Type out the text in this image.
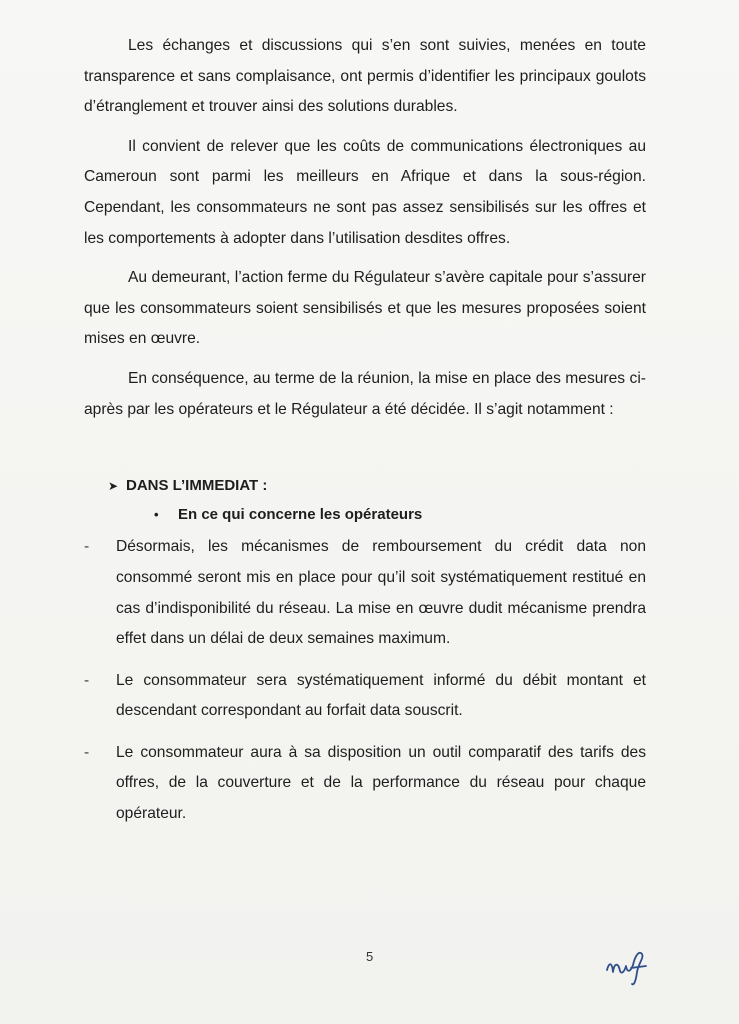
Les échanges et discussions qui s’en sont suivies, menées en toute transparence et sans complaisance, ont permis d’identifier les principaux goulots d’étranglement et trouver ainsi des solutions durables.

Il convient de relever que les coûts de communications électroniques au Cameroun sont parmi les meilleurs en Afrique et dans la sous-région. Cependant, les consommateurs ne sont pas assez sensibilisés sur les offres et les comportements à adopter dans l’utilisation desdites offres.

Au demeurant, l’action ferme du Régulateur s’avère capitale pour s’assurer que les consommateurs soient sensibilisés et que les mesures proposées soient mises en œuvre.

En conséquence, au terme de la réunion, la mise en place des mesures ci-après par les opérateurs et le Régulateur a été décidée. Il s’agit notamment :

➤ DANS L’IMMEDIAT :
•	En ce qui concerne les opérateurs
-	Désormais, les mécanismes de remboursement du crédit data non consommé seront mis en place pour qu’il soit systématiquement restitué en cas d’indisponibilité du réseau. La mise en œuvre dudit mécanisme prendra effet dans un délai de deux semaines maximum.
-	Le consommateur sera systématiquement informé du débit montant et descendant correspondant au forfait data souscrit.
-	Le consommateur aura à sa disposition un outil comparatif des tarifs des offres, de la couverture et de la performance du réseau pour chaque opérateur.
5
